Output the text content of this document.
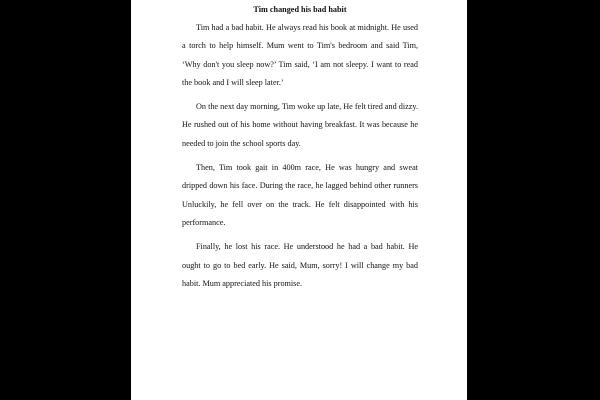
Tim changed his bad habit

Tim had a bad habit. He always read his book at midnight. He used a torch to help himself. Mum went to Tim's bedroom and said Tim, ‘Why don't you sleep now?’ Tim said, ‘I am not sleepy. I want to read the book and I will sleep later.’

On the next day morning, Tim woke up late, He felt tired and dizzy. He rushed out of his home without having breakfast. It was because he needed to join the school sports day.

Then, Tim took gait in 400m race, He was hungry and sweat dripped down his face. During the race, he lagged behind other runners Unluckily, he fell over on the track. He felt disappointed with his performance.

Finally, he lost his race. He understood he had a bad habit. He ought to go to bed early. He said, Mum, sorry! I will change my bad habit. Mum appreciated his promise.
